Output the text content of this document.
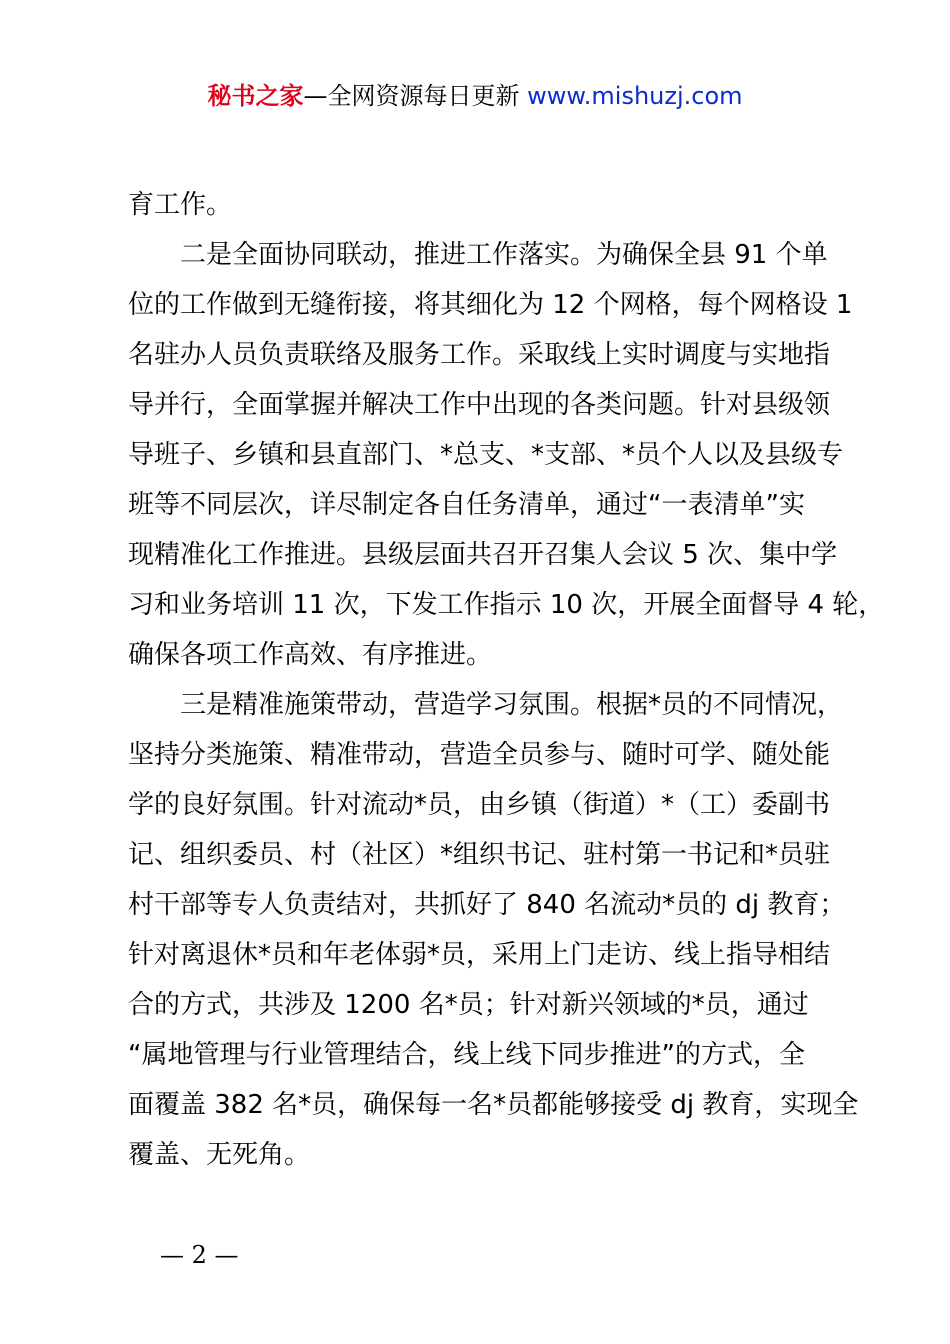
秘书之家—全网资源每日更新 www.mishuzj.com
育工作。
二是全面协同联动，推进工作落实。为确保全县 91 个单
位的工作做到无缝衔接，将其细化为 12 个网格，每个网格设 1
名驻办人员负责联络及服务工作。采取线上实时调度与实地指
导并行，全面掌握并解决工作中出现的各类问题。针对县级领
导班子、乡镇和县直部门、*总支、*支部、*员个人以及县级专
班等不同层次，详尽制定各自任务清单，通过“一表清单”实
现精准化工作推进。县级层面共召开召集人会议 5 次、集中学
习和业务培训 11 次，下发工作指示 10 次，开展全面督导 4 轮，
确保各项工作高效、有序推进。
三是精准施策带动，营造学习氛围。根据*员的不同情况，
坚持分类施策、精准带动，营造全员参与、随时可学、随处能
学的良好氛围。针对流动*员，由乡镇（街道）*（工）委副书
记、组织委员、村（社区）*组织书记、驻村第一书记和*员驻
村干部等专人负责结对，共抓好了 840 名流动*员的 dj 教育；
针对离退休*员和年老体弱*员，采用上门走访、线上指导相结
合的方式，共涉及 1200 名*员；针对新兴领域的*员，通过
“属地管理与行业管理结合，线上线下同步推进”的方式，全
面覆盖 382 名*员，确保每一名*员都能够接受 dj 教育，实现全
覆盖、无死角。
— 2 —
